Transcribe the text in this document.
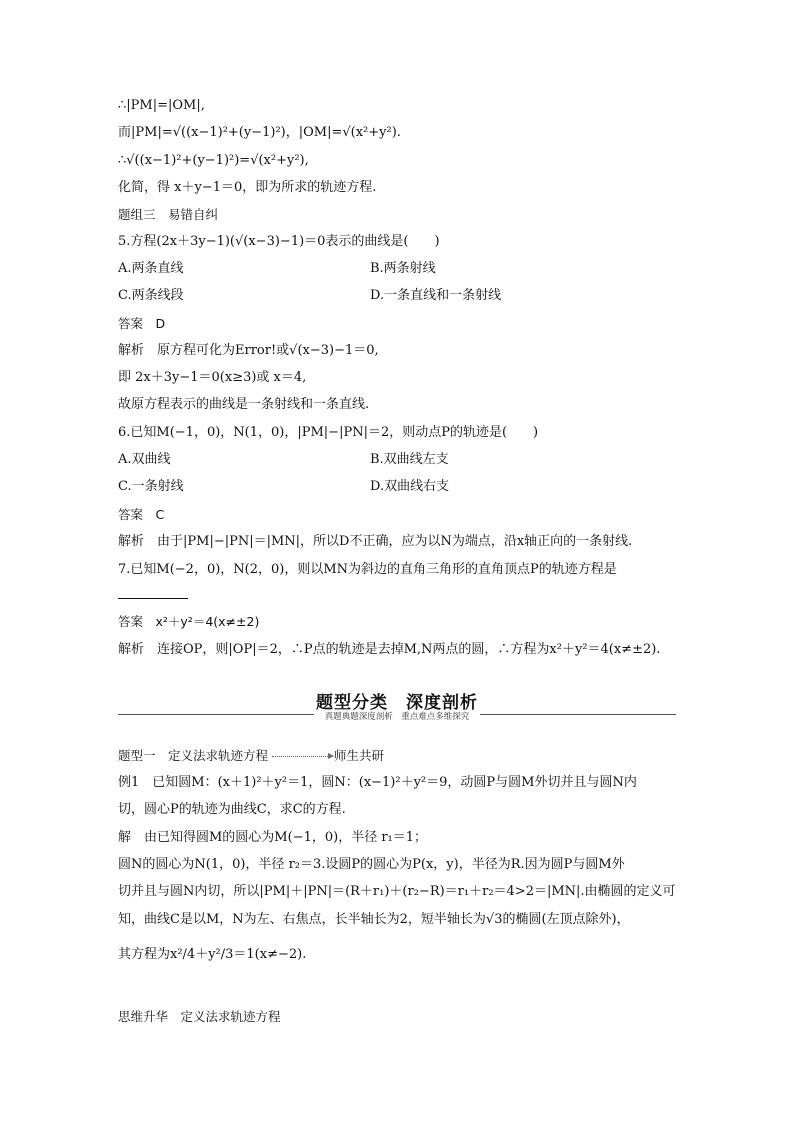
∴|PM|=|OM|,
而|PM|=√((x−1)²+(y−1)²)，|OM|=√(x²+y²).
∴√((x−1)²+(y−1)²)=√(x²+y²),
化简，得 x＋y−1＝0，即为所求的轨迹方程.
题组三　易错自纠
5.方程(2x＋3y−1)(√(x−3)−1)＝0表示的曲线是(　　)
A.两条直线	B.两条射线
C.两条线段	D.一条直线和一条射线
答案　D
解析　原方程可化为Error!或√(x−3)−1＝0,
即 2x＋3y−1＝0(x≥3)或 x＝4,
故原方程表示的曲线是一条射线和一条直线.
6.已知M(−1，0)，N(1，0)，|PM|−|PN|＝2，则动点P的轨迹是(　　)
A.双曲线	B.双曲线左支
C.一条射线	D.双曲线右支
答案　C
解析　由于|PM|−|PN|＝|MN|，所以D不正确，应为以N为端点，沿x轴正向的一条射线.
7.已知M(−2，0)，N(2，0)，则以MN为斜边的直角三角形的直角顶点P的轨迹方程是
答案　x²＋y²＝4(x≠±2)
解析　连接OP，则|OP|＝2，∴P点的轨迹是去掉M,N两点的圆，∴方程为x²＋y²＝4(x≠±2).
题型分类　深度剖析
真题典题深度剖析　重点难点多维探究
题型一　定义法求轨迹方程	师生共研
例1　已知圆M：(x＋1)²＋y²＝1，圆N：(x−1)²＋y²＝9，动圆P与圆M外切并且与圆N内
切，圆心P的轨迹为曲线C，求C的方程.
解　由已知得圆M的圆心为M(−1，0)，半径 r₁＝1；
圆N的圆心为N(1，0)，半径 r₂＝3.设圆P的圆心为P(x，y)，半径为R.因为圆P与圆M外
切并且与圆N内切，所以|PM|＋|PN|＝(R＋r₁)＋(r₂−R)＝r₁＋r₂＝4>2＝|MN|.由椭圆的定义可
知，曲线C是以M，N为左、右焦点，长半轴长为2，短半轴长为√3的椭圆(左顶点除外)，
其方程为x²/4＋y²/3＝1(x≠−2).
思维升华　定义法求轨迹方程
